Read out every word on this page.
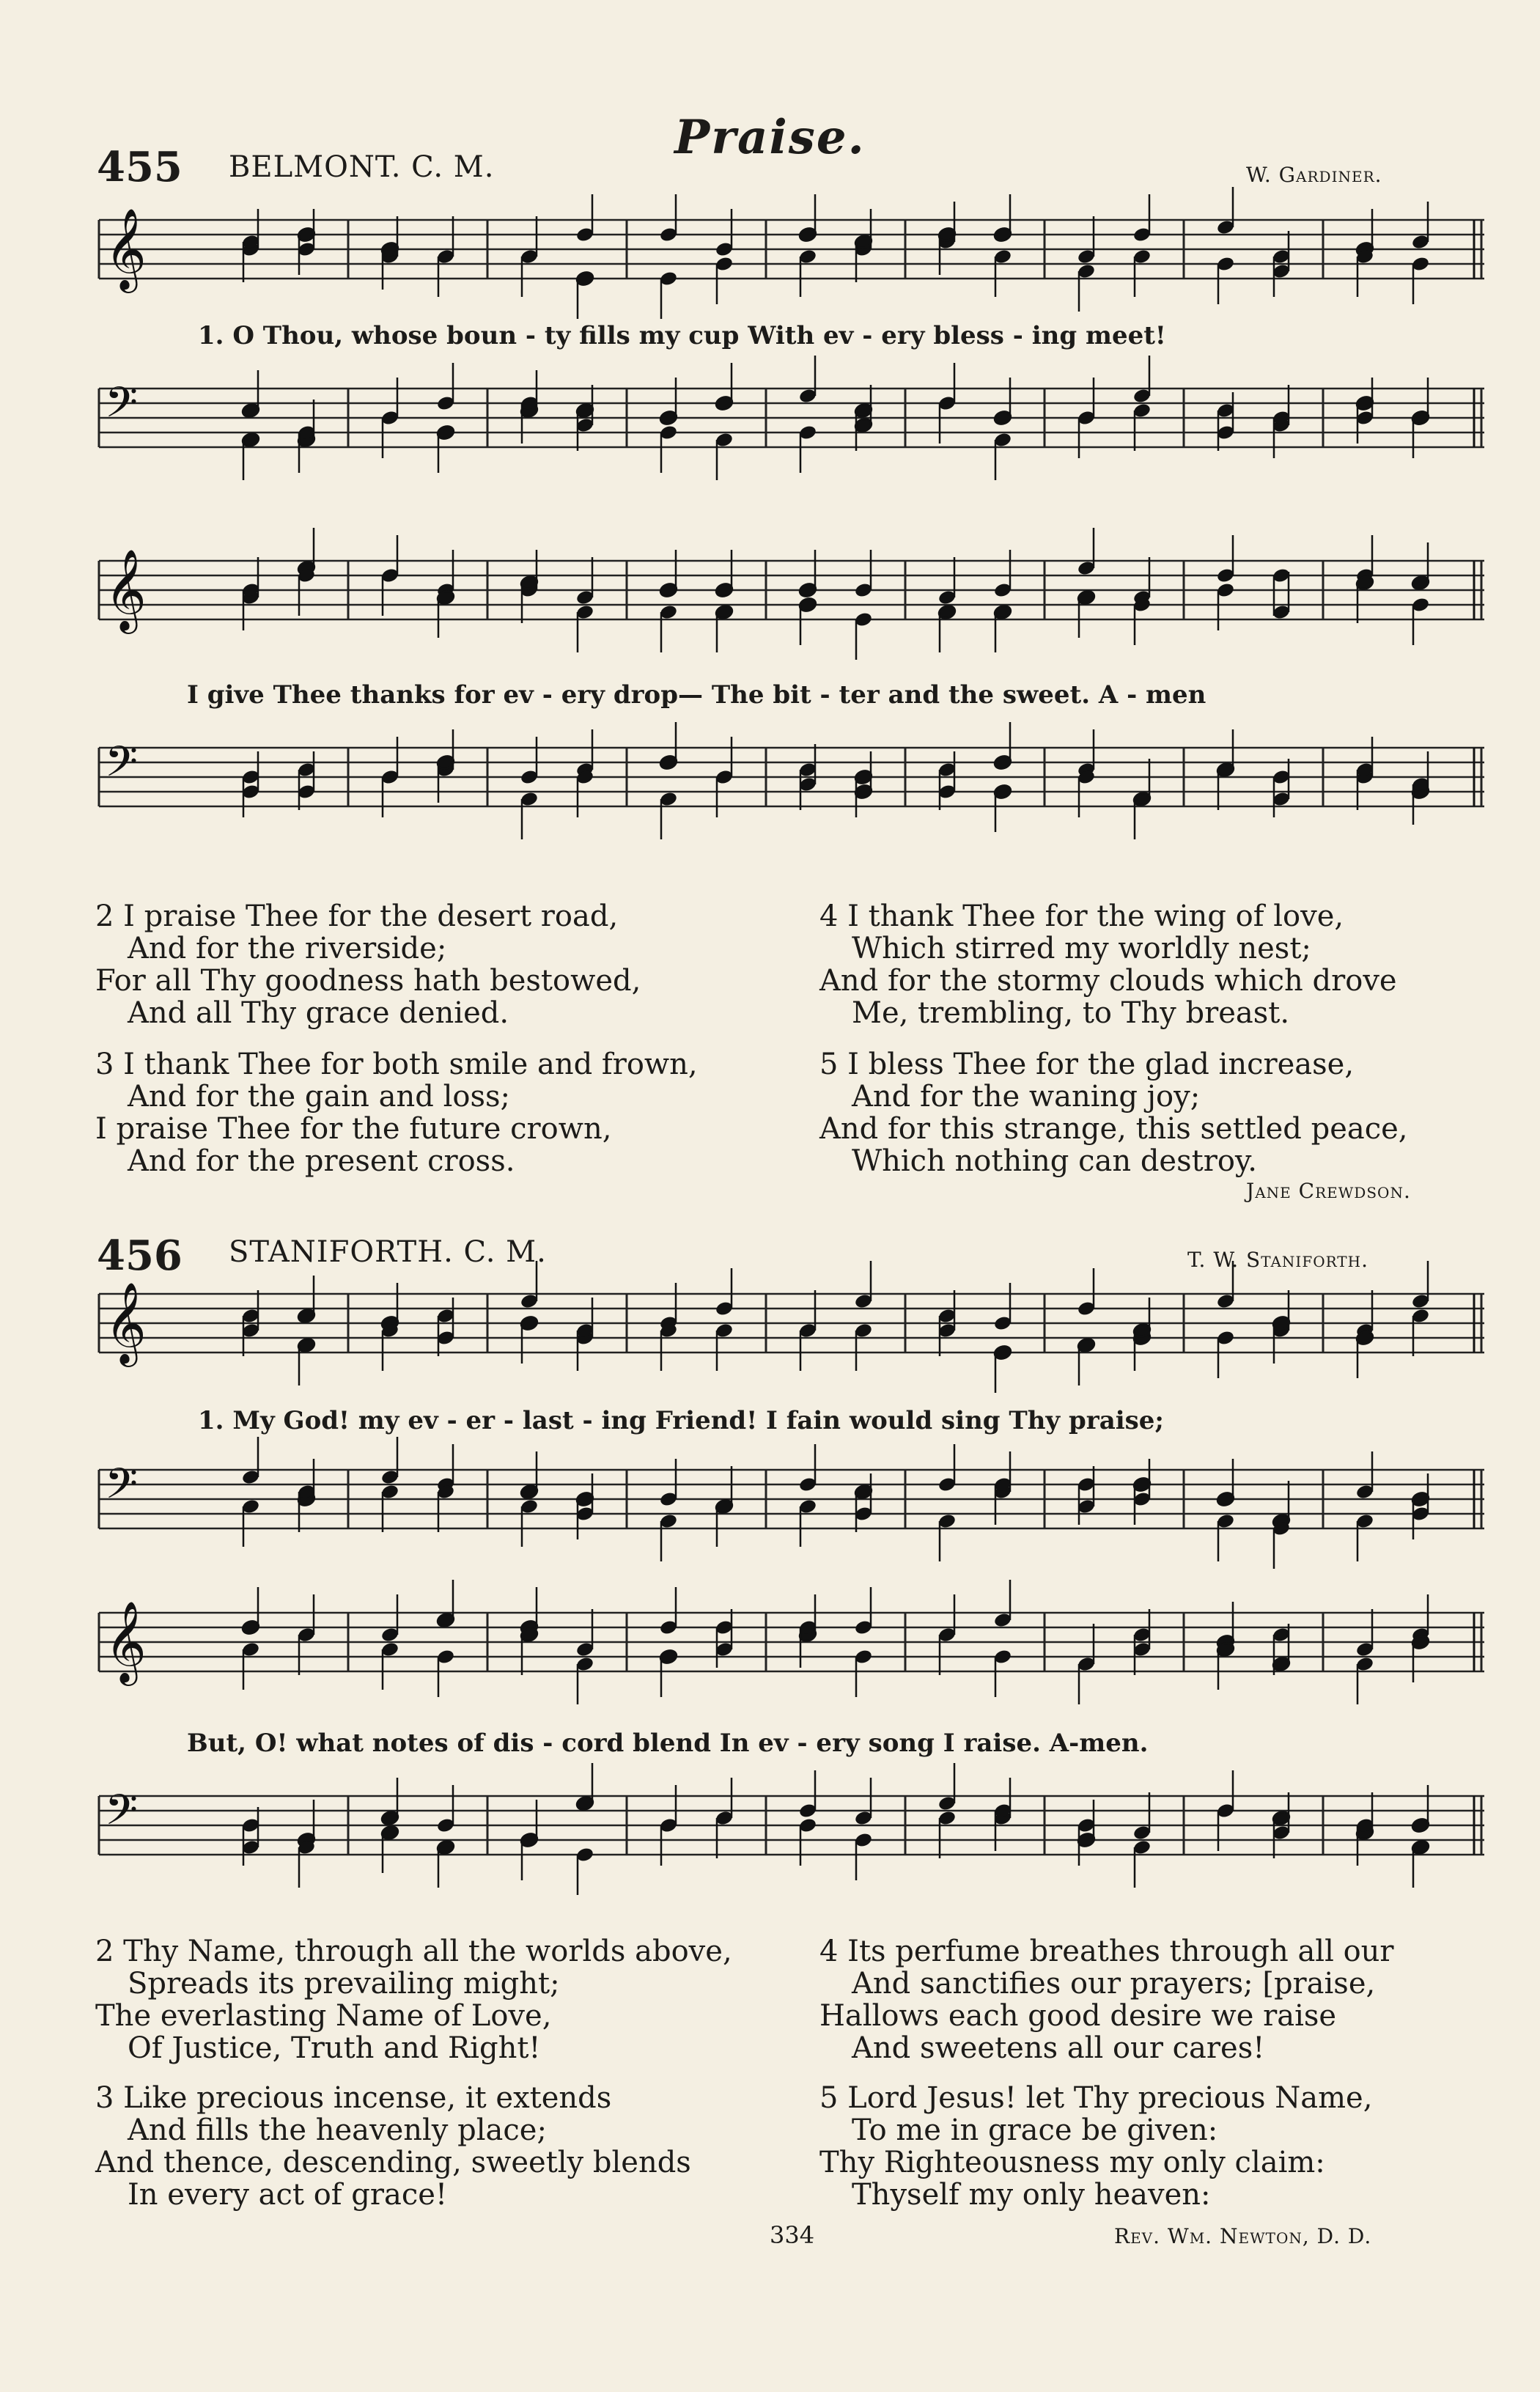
Praise.
455 BELMONT. C. M.	W. Gardiner.
𝄞
1. O Thou, whose boun - ty fills my cup With ev - ery bless - ing meet!
𝄢
𝄞
I give Thee thanks for ev - ery drop— The bit - ter and the sweet. A - men
𝄢
2 I praise Thee for the desert road,
And for the riverside;
For all Thy goodness hath bestowed,
And all Thy grace denied.
3 I thank Thee for both smile and frown,
And for the gain and loss;
I praise Thee for the future crown,
And for the present cross.
4 I thank Thee for the wing of love,
Which stirred my worldly nest;
And for the stormy clouds which drove
Me, trembling, to Thy breast.
5 I bless Thee for the glad increase,
And for the waning joy;
And for this strange, this settled peace,
Which nothing can destroy.
Jane Crewdson.
456 STANIFORTH. C. M.	T. W. Staniforth.
𝄞
1. My God! my ev - er - last - ing Friend! I fain would sing Thy praise;
𝄢
𝄞
But, O! what notes of dis - cord blend In ev - ery song I raise. A-men.
𝄢
2 Thy Name, through all the worlds above,
Spreads its prevailing might;
The everlasting Name of Love,
Of Justice, Truth and Right!
3 Like precious incense, it extends
And fills the heavenly place;
And thence, descending, sweetly blends
In every act of grace!
4 Its perfume breathes through all our
And sanctifies our prayers; [praise,
Hallows each good desire we raise
And sweetens all our cares!
5 Lord Jesus! let Thy precious Name,
To me in grace be given:
Thy Righteousness my only claim:
Thyself my only heaven:
334	Rev. Wm. Newton, D. D.
